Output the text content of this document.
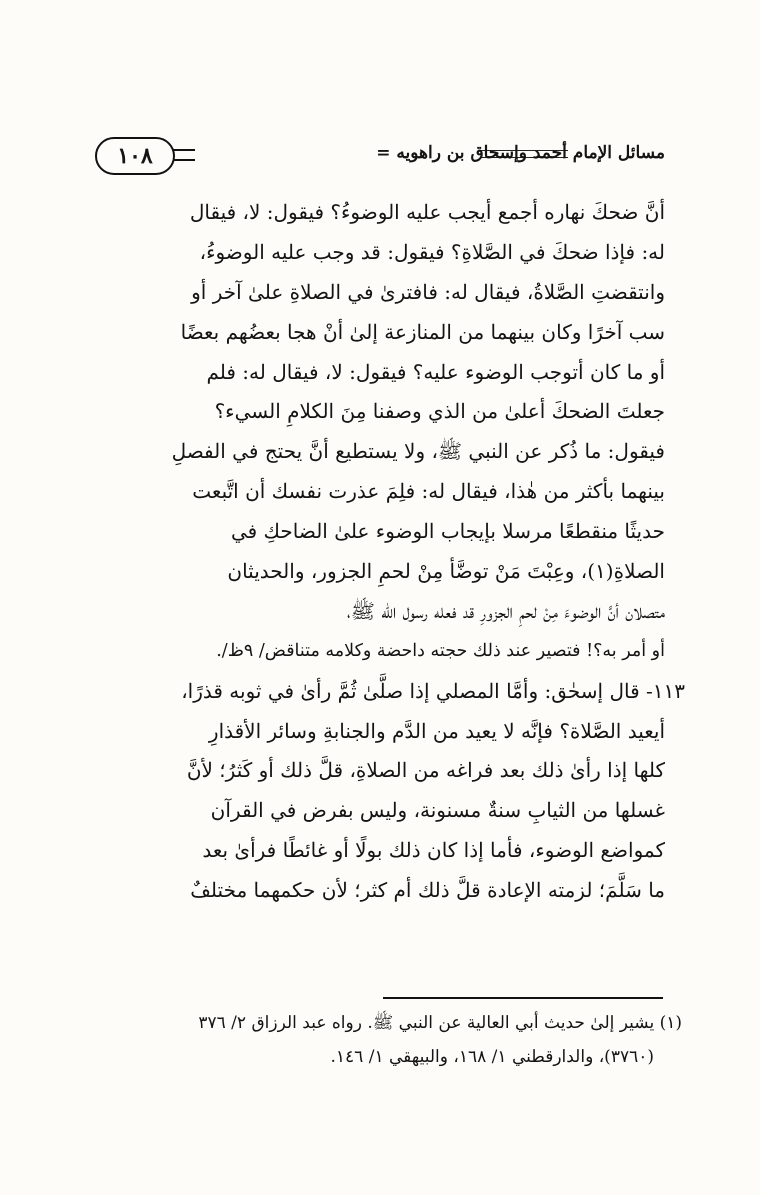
١٠٨	مسائل الإمام أحمد وإسحاق بن راهويه =
أنَّ ضحكَ نهاره أجمع أيجب عليه الوضوءُ؟ فيقول: لا، فيقال
له: فإذا ضحكَ في الصَّلاةِ؟ فيقول: قد وجب عليه الوضوءُ،
وانتقضتِ الصَّلاةُ، فيقال له: فافترىٰ في الصلاةِ علىٰ آخر أو
سب آخرًا وكان بينهما من المنازعة إلىٰ أنْ هجا بعضُهم بعضًا
أو ما كان أتوجب الوضوء عليه؟ فيقول: لا، فيقال له: فلم
جعلتَ الضحكَ أعلىٰ من الذي وصفنا مِنَ الكلامِ السيء؟
فيقول: ما ذُكر عن النبي ﷺ، ولا يستطيع أنَّ يحتج في الفصلِ
بينهما بأكثر من هٰذا، فيقال له: فلِمَ عذرت نفسك أن اتَّبعت
حديثًا منقطعًا مرسلا بإيجاب الوضوء علىٰ الضاحكِ في
الصلاةِ(١)، وعِبْتَ مَنْ توضَّأ مِنْ لحمِ الجزور، والحديثان
متصلان أنَّ الوضوءَ مِنْ لحمِ الجزورِ قد فعله رسول الله ﷺ،
أو أمر به؟! فتصير عند ذلك حجته داحضة وكلامه متناقض/ ٩ظ/.
١١٣- قال إسحٰق: وأمَّا المصلي إذا صلَّىٰ ثُمَّ رأىٰ في ثوبه قذرًا،
أيعيد الصَّلاة؟ فإنَّه لا يعيد من الدَّم والجنابةِ وسائر الأقذارِ
كلها إذا رأىٰ ذلك بعد فراغه من الصلاةِ، قلَّ ذلك أو كَثرُ؛ لأنَّ
غسلها من الثيابِ سنةٌ مسنونة، وليس بفرض في القرآن
كمواضع الوضوء، فأما إذا كان ذلك بولًا أو غائطًا فرأىٰ بعد
ما سَلَّمَ؛ لزمته الإعادة قلَّ ذلك أم كثر؛ لأن حكمهما مختلفٌ
(١) يشير إلىٰ حديث أبي العالية عن النبي ﷺ. رواه عبد الرزاق ٢/ ٣٧٦
(٣٧٦٠)، والدارقطني ١/ ١٦٨، والبيهقي ١/ ١٤٦.
